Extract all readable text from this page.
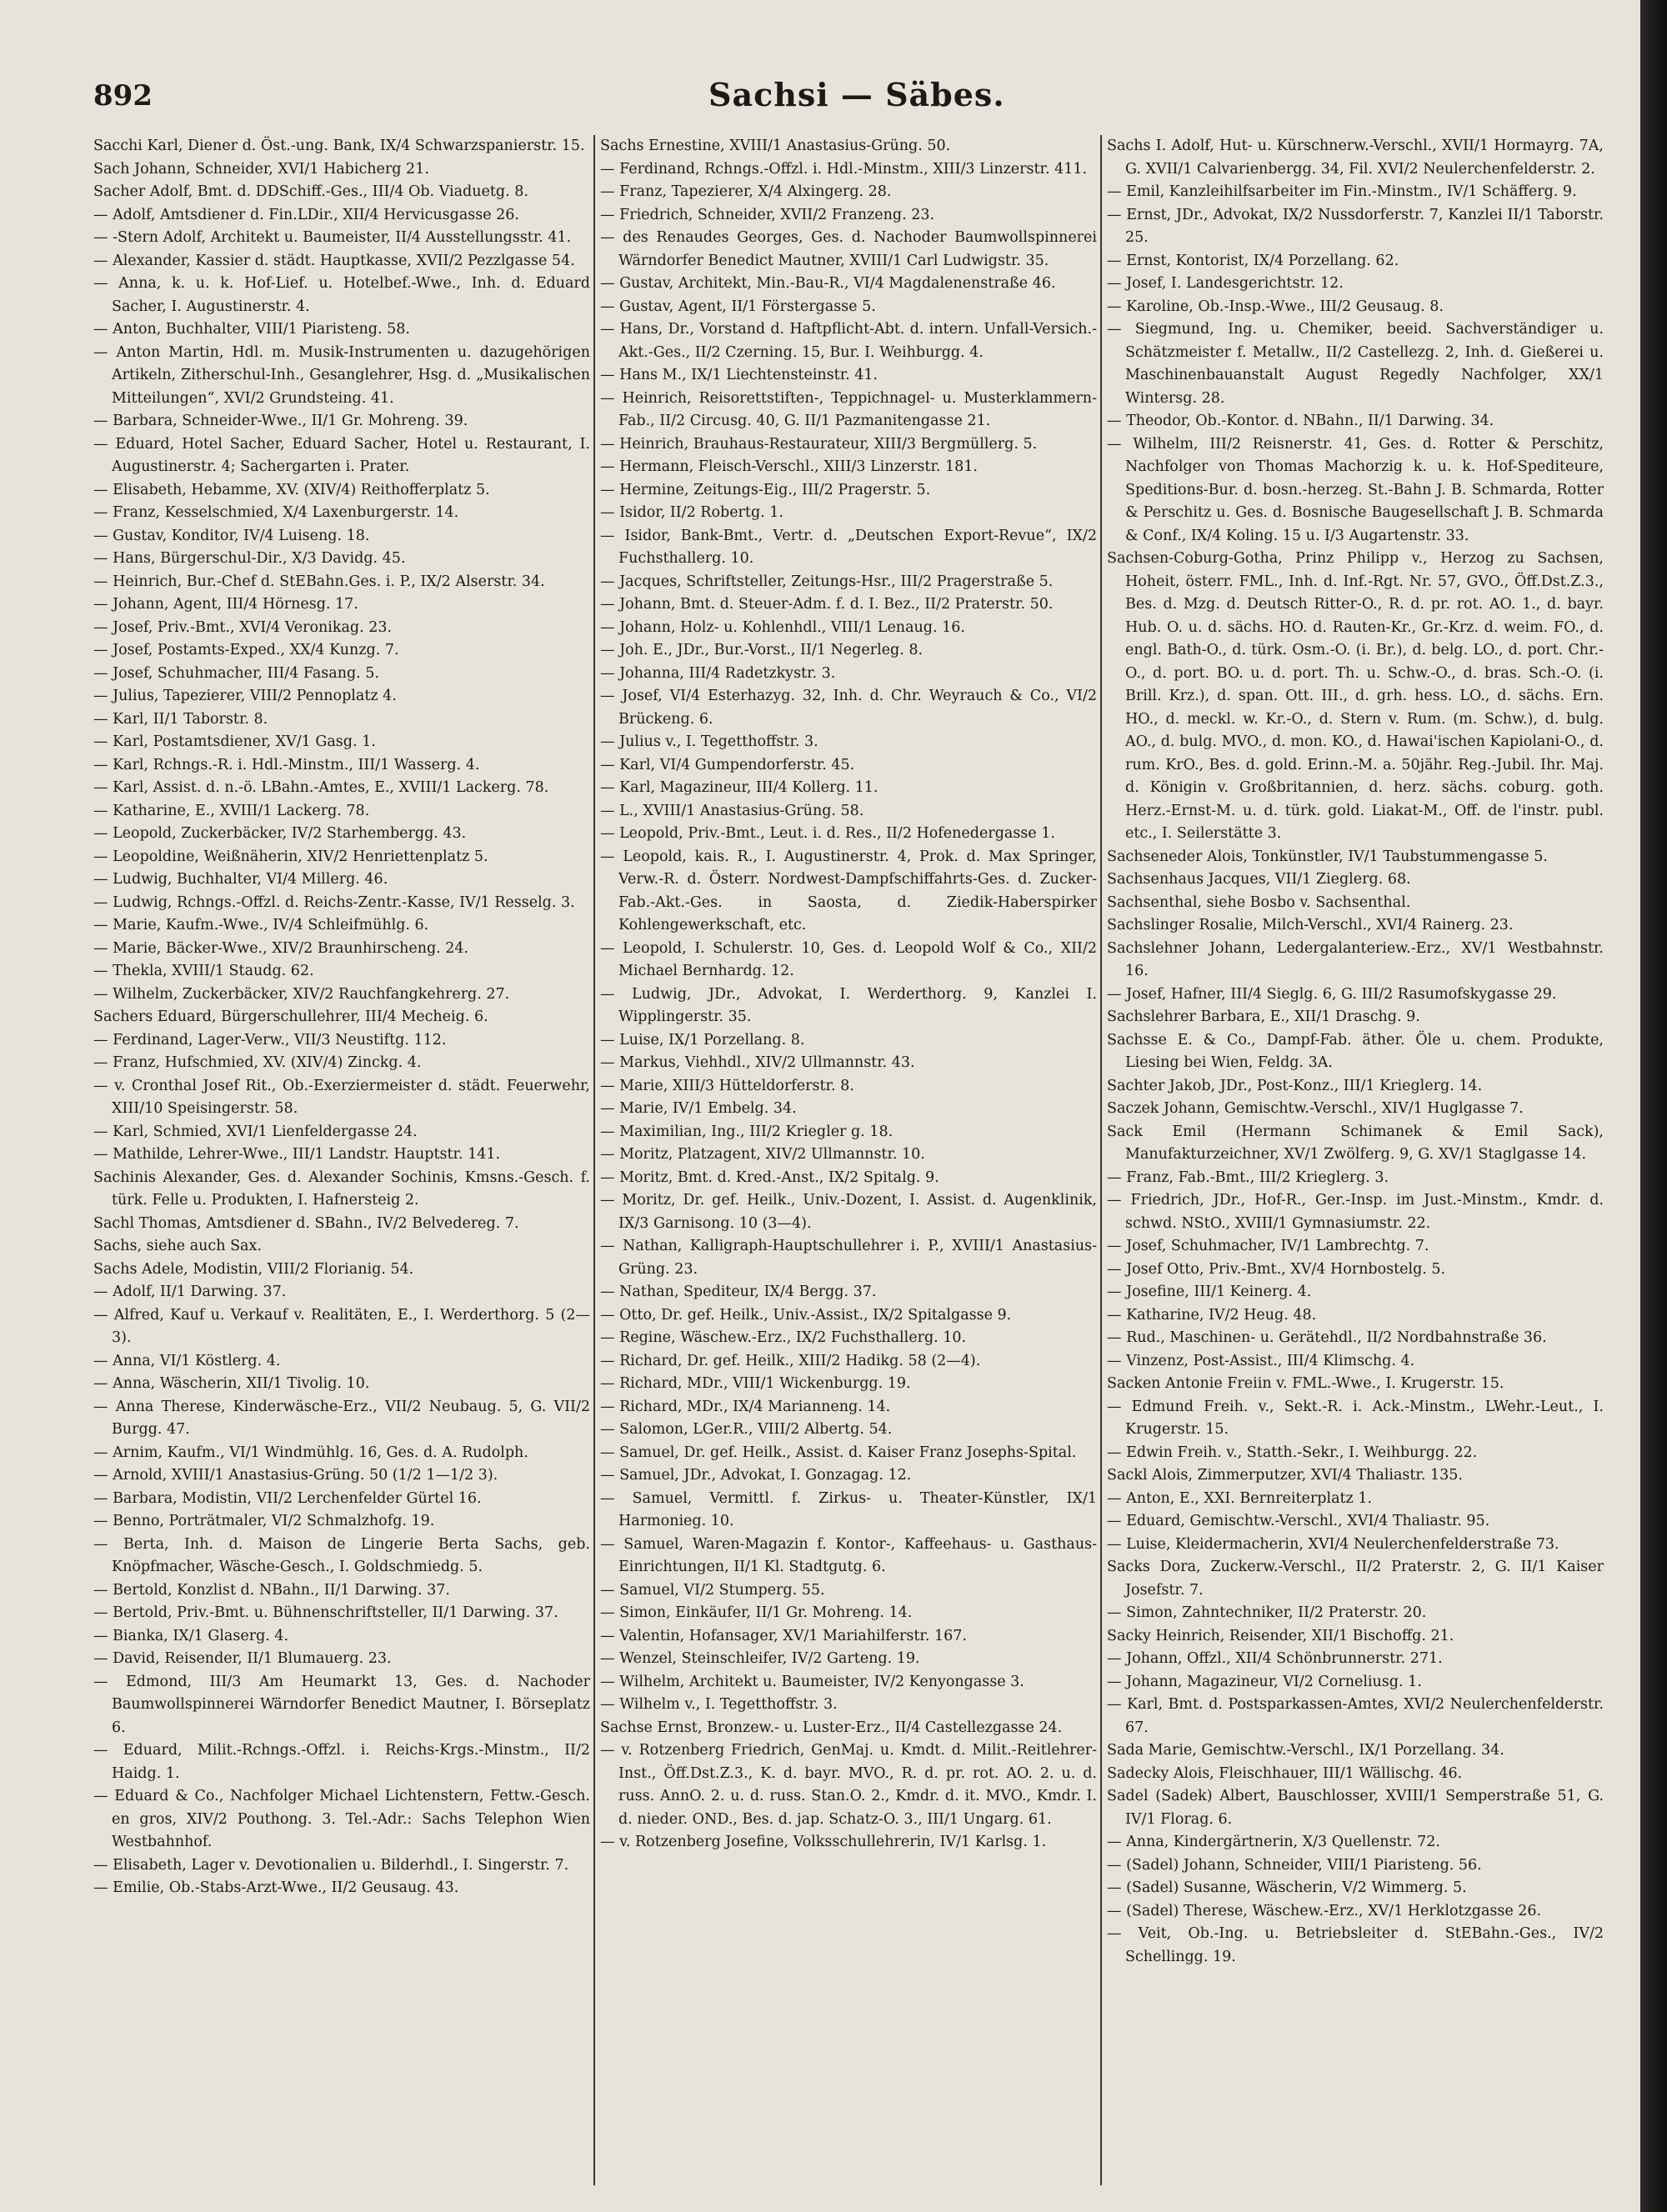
892	Sachsi — Säbes.

Sacchi Karl, Diener d. Öst.-ung. Bank, IX/4 Schwarzspanierstr. 15.

Sach Johann, Schneider, XVI/1 Habicherg 21.

Sacher Adolf, Bmt. d. DDSchiff.-Ges., III/4 Ob. Viaduetg. 8.

— Adolf, Amtsdiener d. Fin.LDir., XII/4 Hervicusgasse 26.

— -Stern Adolf, Architekt u. Baumeister, II/4 Ausstellungsstr. 41.

— Alexander, Kassier d. städt. Hauptkasse, XVII/2 Pezzlgasse 54.

— Anna, k. u. k. Hof-Lief. u. Hotelbef.-Wwe., Inh. d. Eduard Sacher, I. Augustinerstr. 4.

— Anton, Buchhalter, VIII/1 Piaristeng. 58.

— Anton Martin, Hdl. m. Musik-Instrumenten u. dazugehörigen Artikeln, Zitherschul-Inh., Gesanglehrer, Hsg. d. „Musikalischen Mitteilungen“, XVI/2 Grundsteing. 41.

— Barbara, Schneider-Wwe., II/1 Gr. Mohreng. 39.

— Eduard, Hotel Sacher, Eduard Sacher, Hotel u. Restaurant, I. Augustinerstr. 4; Sachergarten i. Prater.

— Elisabeth, Hebamme, XV. (XIV/4) Reithofferplatz 5.

— Franz, Kesselschmied, X/4 Laxenburgerstr. 14.

— Gustav, Konditor, IV/4 Luiseng. 18.

— Hans, Bürgerschul-Dir., X/3 Davidg. 45.

— Heinrich, Bur.-Chef d. StEBahn.Ges. i. P., IX/2 Alserstr. 34.

— Johann, Agent, III/4 Hörnesg. 17.

— Josef, Priv.-Bmt., XVI/4 Veronikag. 23.

— Josef, Postamts-Exped., XX/4 Kunzg. 7.

— Josef, Schuhmacher, III/4 Fasang. 5.

— Julius, Tapezierer, VIII/2 Pennoplatz 4.

— Karl, II/1 Taborstr. 8.

— Karl, Postamtsdiener, XV/1 Gasg. 1.

— Karl, Rchngs.-R. i. Hdl.-Minstm., III/1 Wasserg. 4.

— Karl, Assist. d. n.-ö. LBahn.-Amtes, E., XVIII/1 Lackerg. 78.

— Katharine, E., XVIII/1 Lackerg. 78.

— Leopold, Zuckerbäcker, IV/2 Starhembergg. 43.

— Leopoldine, Weißnäherin, XIV/2 Henriettenplatz 5.

— Ludwig, Buchhalter, VI/4 Millerg. 46.

— Ludwig, Rchngs.-Offzl. d. Reichs-Zentr.-Kasse, IV/1 Resselg. 3.

— Marie, Kaufm.-Wwe., IV/4 Schleifmühlg. 6.

— Marie, Bäcker-Wwe., XIV/2 Braunhirscheng. 24.

— Thekla, XVIII/1 Staudg. 62.

— Wilhelm, Zuckerbäcker, XIV/2 Rauchfangkehrerg. 27.

Sachers Eduard, Bürgerschullehrer, III/4 Mecheig. 6.

— Ferdinand, Lager-Verw., VII/3 Neustiftg. 112.

— Franz, Hufschmied, XV. (XIV/4) Zinckg. 4.

— v. Cronthal Josef Rit., Ob.-Exerziermeister d. städt. Feuerwehr, XIII/10 Speisingerstr. 58.

— Karl, Schmied, XVI/1 Lienfeldergasse 24.

— Mathilde, Lehrer-Wwe., III/1 Landstr. Hauptstr. 141.

Sachinis Alexander, Ges. d. Alexander Sochinis, Kmsns.-Gesch. f. türk. Felle u. Produkten, I. Hafnersteig 2.

Sachl Thomas, Amtsdiener d. SBahn., IV/2 Belvedereg. 7.

Sachs, siehe auch Sax.

Sachs Adele, Modistin, VIII/2 Florianig. 54.

— Adolf, II/1 Darwing. 37.

— Alfred, Kauf u. Verkauf v. Realitäten, E., I. Werderthorg. 5 (2—3).

— Anna, VI/1 Köstlerg. 4.

— Anna, Wäscherin, XII/1 Tivolig. 10.

— Anna Therese, Kinderwäsche-Erz., VII/2 Neubaug. 5, G. VII/2 Burgg. 47.

— Arnim, Kaufm., VI/1 Windmühlg. 16, Ges. d. A. Rudolph.

— Arnold, XVIII/1 Anastasius-Grüng. 50 (1/2 1—1/2 3).

— Barbara, Modistin, VII/2 Lerchenfelder Gürtel 16.

— Benno, Porträtmaler, VI/2 Schmalzhofg. 19.

— Berta, Inh. d. Maison de Lingerie Berta Sachs, geb. Knöpfmacher, Wäsche-Gesch., I. Goldschmiedg. 5.

— Bertold, Konzlist d. NBahn., II/1 Darwing. 37.

— Bertold, Priv.-Bmt. u. Bühnenschriftsteller, II/1 Darwing. 37.

— Bianka, IX/1 Glaserg. 4.

— David, Reisender, II/1 Blumauerg. 23.

— Edmond, III/3 Am Heumarkt 13, Ges. d. Nachoder Baumwollspinnerei Wärndorfer Benedict Mautner, I. Börseplatz 6.

— Eduard, Milit.-Rchngs.-Offzl. i. Reichs-Krgs.-Minstm., II/2 Haidg. 1.

— Eduard & Co., Nachfolger Michael Lichtenstern, Fettw.-Gesch. en gros, XIV/2 Pouthong. 3. Tel.-Adr.: Sachs Telephon Wien Westbahnhof.

— Elisabeth, Lager v. Devotionalien u. Bilderhdl., I. Singerstr. 7.

— Emilie, Ob.-Stabs-Arzt-Wwe., II/2 Geusaug. 43.

Sachs Ernestine, XVIII/1 Anastasius-Grüng. 50.

— Ferdinand, Rchngs.-Offzl. i. Hdl.-Minstm., XIII/3 Linzerstr. 411.

— Franz, Tapezierer, X/4 Alxingerg. 28.

— Friedrich, Schneider, XVII/2 Franzeng. 23.

— des Renaudes Georges, Ges. d. Nachoder Baumwollspinnerei Wärndorfer Benedict Mautner, XVIII/1 Carl Ludwigstr. 35.

— Gustav, Architekt, Min.-Bau-R., VI/4 Magdalenenstraße 46.

— Gustav, Agent, II/1 Förstergasse 5.

— Hans, Dr., Vorstand d. Haftpflicht-Abt. d. intern. Unfall-Versich.-Akt.-Ges., II/2 Czerning. 15, Bur. I. Weihburgg. 4.

— Hans M., IX/1 Liechtensteinstr. 41.

— Heinrich, Reisorettstiften-, Teppichnagel- u. Musterklammern-Fab., II/2 Circusg. 40, G. II/1 Pazmanitengasse 21.

— Heinrich, Brauhaus-Restaurateur, XIII/3 Bergmüllerg. 5.

— Hermann, Fleisch-Verschl., XIII/3 Linzerstr. 181.

— Hermine, Zeitungs-Eig., III/2 Pragerstr. 5.

— Isidor, II/2 Robertg. 1.

— Isidor, Bank-Bmt., Vertr. d. „Deutschen Export-Revue“, IX/2 Fuchsthallerg. 10.

— Jacques, Schriftsteller, Zeitungs-Hsr., III/2 Pragerstraße 5.

— Johann, Bmt. d. Steuer-Adm. f. d. I. Bez., II/2 Praterstr. 50.

— Johann, Holz- u. Kohlenhdl., VIII/1 Lenaug. 16.

— Joh. E., JDr., Bur.-Vorst., II/1 Negerleg. 8.

— Johanna, III/4 Radetzkystr. 3.

— Josef, VI/4 Esterhazyg. 32, Inh. d. Chr. Weyrauch & Co., VI/2 Brückeng. 6.

— Julius v., I. Tegetthoffstr. 3.

— Karl, VI/4 Gumpendorferstr. 45.

— Karl, Magazineur, III/4 Kollerg. 11.

— L., XVIII/1 Anastasius-Grüng. 58.

— Leopold, Priv.-Bmt., Leut. i. d. Res., II/2 Hofenedergasse 1.

— Leopold, kais. R., I. Augustinerstr. 4, Prok. d. Max Springer, Verw.-R. d. Österr. Nordwest-Dampfschiffahrts-Ges. d. Zucker-Fab.-Akt.-Ges. in Saosta, d. Ziedik-Haberspirker Kohlengewerkschaft, etc.

— Leopold, I. Schulerstr. 10, Ges. d. Leopold Wolf & Co., XII/2 Michael Bernhardg. 12.

— Ludwig, JDr., Advokat, I. Werderthorg. 9, Kanzlei I. Wipplingerstr. 35.

— Luise, IX/1 Porzellang. 8.

— Markus, Viehhdl., XIV/2 Ullmannstr. 43.

— Marie, XIII/3 Hütteldorferstr. 8.

— Marie, IV/1 Embelg. 34.

— Maximilian, Ing., III/2 Kriegler g. 18.

— Moritz, Platzagent, XIV/2 Ullmannstr. 10.

— Moritz, Bmt. d. Kred.-Anst., IX/2 Spitalg. 9.

— Moritz, Dr. gef. Heilk., Univ.-Dozent, I. Assist. d. Augenklinik, IX/3 Garnisong. 10 (3—4).

— Nathan, Kalligraph-Hauptschullehrer i. P., XVIII/1 Anastasius-Grüng. 23.

— Nathan, Spediteur, IX/4 Bergg. 37.

— Otto, Dr. gef. Heilk., Univ.-Assist., IX/2 Spitalgasse 9.

— Regine, Wäschew.-Erz., IX/2 Fuchsthallerg. 10.

— Richard, Dr. gef. Heilk., XIII/2 Hadikg. 58 (2—4).

— Richard, MDr., VIII/1 Wickenburgg. 19.

— Richard, MDr., IX/4 Marianneng. 14.

— Salomon, LGer.R., VIII/2 Albertg. 54.

— Samuel, Dr. gef. Heilk., Assist. d. Kaiser Franz Josephs-Spital.

— Samuel, JDr., Advokat, I. Gonzagag. 12.

— Samuel, Vermittl. f. Zirkus- u. Theater-Künstler, IX/1 Harmonieg. 10.

— Samuel, Waren-Magazin f. Kontor-, Kaffeehaus- u. Gasthaus-Einrichtungen, II/1 Kl. Stadtgutg. 6.

— Samuel, VI/2 Stumperg. 55.

— Simon, Einkäufer, II/1 Gr. Mohreng. 14.

— Valentin, Hofansager, XV/1 Mariahilferstr. 167.

— Wenzel, Steinschleifer, IV/2 Garteng. 19.

— Wilhelm, Architekt u. Baumeister, IV/2 Kenyongasse 3.

— Wilhelm v., I. Tegetthoffstr. 3.

Sachse Ernst, Bronzew.- u. Luster-Erz., II/4 Castellezgasse 24.

— v. Rotzenberg Friedrich, GenMaj. u. Kmdt. d. Milit.-Reitlehrer-Inst., Öff.Dst.Z.3., K. d. bayr. MVO., R. d. pr. rot. AO. 2. u. d. russ. AnnO. 2. u. d. russ. Stan.O. 2., Kmdr. d. it. MVO., Kmdr. I. d. nieder. OND., Bes. d. jap. Schatz-O. 3., III/1 Ungarg. 61.

— v. Rotzenberg Josefine, Volksschullehrerin, IV/1 Karlsg. 1.

Sachs I. Adolf, Hut- u. Kürschnerw.-Verschl., XVII/1 Hormayrg. 7A, G. XVII/1 Calvarienbergg. 34, Fil. XVI/2 Neulerchenfelderstr. 2.

— Emil, Kanzleihilfsarbeiter im Fin.-Minstm., IV/1 Schäfferg. 9.

— Ernst, JDr., Advokat, IX/2 Nussdorferstr. 7, Kanzlei II/1 Taborstr. 25.

— Ernst, Kontorist, IX/4 Porzellang. 62.

— Josef, I. Landesgerichtstr. 12.

— Karoline, Ob.-Insp.-Wwe., III/2 Geusaug. 8.

— Siegmund, Ing. u. Chemiker, beeid. Sachverständiger u. Schätzmeister f. Metallw., II/2 Castellezg. 2, Inh. d. Gießerei u. Maschinenbauanstalt August Regedly Nachfolger, XX/1 Wintersg. 28.

— Theodor, Ob.-Kontor. d. NBahn., II/1 Darwing. 34.

— Wilhelm, III/2 Reisnerstr. 41, Ges. d. Rotter & Perschitz, Nachfolger von Thomas Machorzig k. u. k. Hof-Spediteure, Speditions-Bur. d. bosn.-herzeg. St.-Bahn J. B. Schmarda, Rotter & Perschitz u. Ges. d. Bosnische Baugesellschaft J. B. Schmarda & Conf., IX/4 Koling. 15 u. I/3 Augartenstr. 33.

Sachsen-Coburg-Gotha, Prinz Philipp v., Herzog zu Sachsen, Hoheit, österr. FML., Inh. d. Inf.-Rgt. Nr. 57, GVO., Öff.Dst.Z.3., Bes. d. Mzg. d. Deutsch Ritter-O., R. d. pr. rot. AO. 1., d. bayr. Hub. O. u. d. sächs. HO. d. Rauten-Kr., Gr.-Krz. d. weim. FO., d. engl. Bath-O., d. türk. Osm.-O. (i. Br.), d. belg. LO., d. port. Chr.-O., d. port. BO. u. d. port. Th. u. Schw.-O., d. bras. Sch.-O. (i. Brill. Krz.), d. span. Ott. III., d. grh. hess. LO., d. sächs. Ern. HO., d. meckl. w. Kr.-O., d. Stern v. Rum. (m. Schw.), d. bulg. AO., d. bulg. MVO., d. mon. KO., d. Hawai'ischen Kapiolani-O., d. rum. KrO., Bes. d. gold. Erinn.-M. a. 50jähr. Reg.-Jubil. Ihr. Maj. d. Königin v. Großbritannien, d. herz. sächs. coburg. goth. Herz.-Ernst-M. u. d. türk. gold. Liakat-M., Off. de l'instr. publ. etc., I. Seilerstätte 3.

Sachseneder Alois, Tonkünstler, IV/1 Taubstummengasse 5.

Sachsenhaus Jacques, VII/1 Zieglerg. 68.

Sachsenthal, siehe Bosbo v. Sachsenthal.

Sachslinger Rosalie, Milch-Verschl., XVI/4 Rainerg. 23.

Sachslehner Johann, Ledergalanteriew.-Erz., XV/1 Westbahnstr. 16.

— Josef, Hafner, III/4 Sieglg. 6, G. III/2 Rasumofskygasse 29.

Sachslehrer Barbara, E., XII/1 Draschg. 9.

Sachsse E. & Co., Dampf-Fab. äther. Öle u. chem. Produkte, Liesing bei Wien, Feldg. 3A.

Sachter Jakob, JDr., Post-Konz., III/1 Krieglerg. 14.

Saczek Johann, Gemischtw.-Verschl., XIV/1 Huglgasse 7.

Sack Emil (Hermann Schimanek & Emil Sack), Manufakturzeichner, XV/1 Zwölferg. 9, G. XV/1 Staglgasse 14.

— Franz, Fab.-Bmt., III/2 Krieglerg. 3.

— Friedrich, JDr., Hof-R., Ger.-Insp. im Just.-Minstm., Kmdr. d. schwd. NStO., XVIII/1 Gymnasiumstr. 22.

— Josef, Schuhmacher, IV/1 Lambrechtg. 7.

— Josef Otto, Priv.-Bmt., XV/4 Hornbostelg. 5.

— Josefine, III/1 Keinerg. 4.

— Katharine, IV/2 Heug. 48.

— Rud., Maschinen- u. Gerätehdl., II/2 Nordbahnstraße 36.

— Vinzenz, Post-Assist., III/4 Klimschg. 4.

Sacken Antonie Freiin v. FML.-Wwe., I. Krugerstr. 15.

— Edmund Freih. v., Sekt.-R. i. Ack.-Minstm., LWehr.-Leut., I. Krugerstr. 15.

— Edwin Freih. v., Statth.-Sekr., I. Weihburgg. 22.

Sackl Alois, Zimmerputzer, XVI/4 Thaliastr. 135.

— Anton, E., XXI. Bernreiterplatz 1.

— Eduard, Gemischtw.-Verschl., XVI/4 Thaliastr. 95.

— Luise, Kleidermacherin, XVI/4 Neulerchenfelderstraße 73.

Sacks Dora, Zuckerw.-Verschl., II/2 Praterstr. 2, G. II/1 Kaiser Josefstr. 7.

— Simon, Zahntechniker, II/2 Praterstr. 20.

Sacky Heinrich, Reisender, XII/1 Bischoffg. 21.

— Johann, Offzl., XII/4 Schönbrunnerstr. 271.

— Johann, Magazineur, VI/2 Corneliusg. 1.

— Karl, Bmt. d. Postsparkassen-Amtes, XVI/2 Neulerchenfelderstr. 67.

Sada Marie, Gemischtw.-Verschl., IX/1 Porzellang. 34.

Sadecky Alois, Fleischhauer, III/1 Wällischg. 46.

Sadel (Sadek) Albert, Bauschlosser, XVIII/1 Semperstraße 51, G. IV/1 Florag. 6.

— Anna, Kindergärtnerin, X/3 Quellenstr. 72.

— (Sadel) Johann, Schneider, VIII/1 Piaristeng. 56.

— (Sadel) Susanne, Wäscherin, V/2 Wimmerg. 5.

— (Sadel) Therese, Wäschew.-Erz., XV/1 Herklotzgasse 26.

— Veit, Ob.-Ing. u. Betriebsleiter d. StEBahn.-Ges., IV/2 Schellingg. 19.
